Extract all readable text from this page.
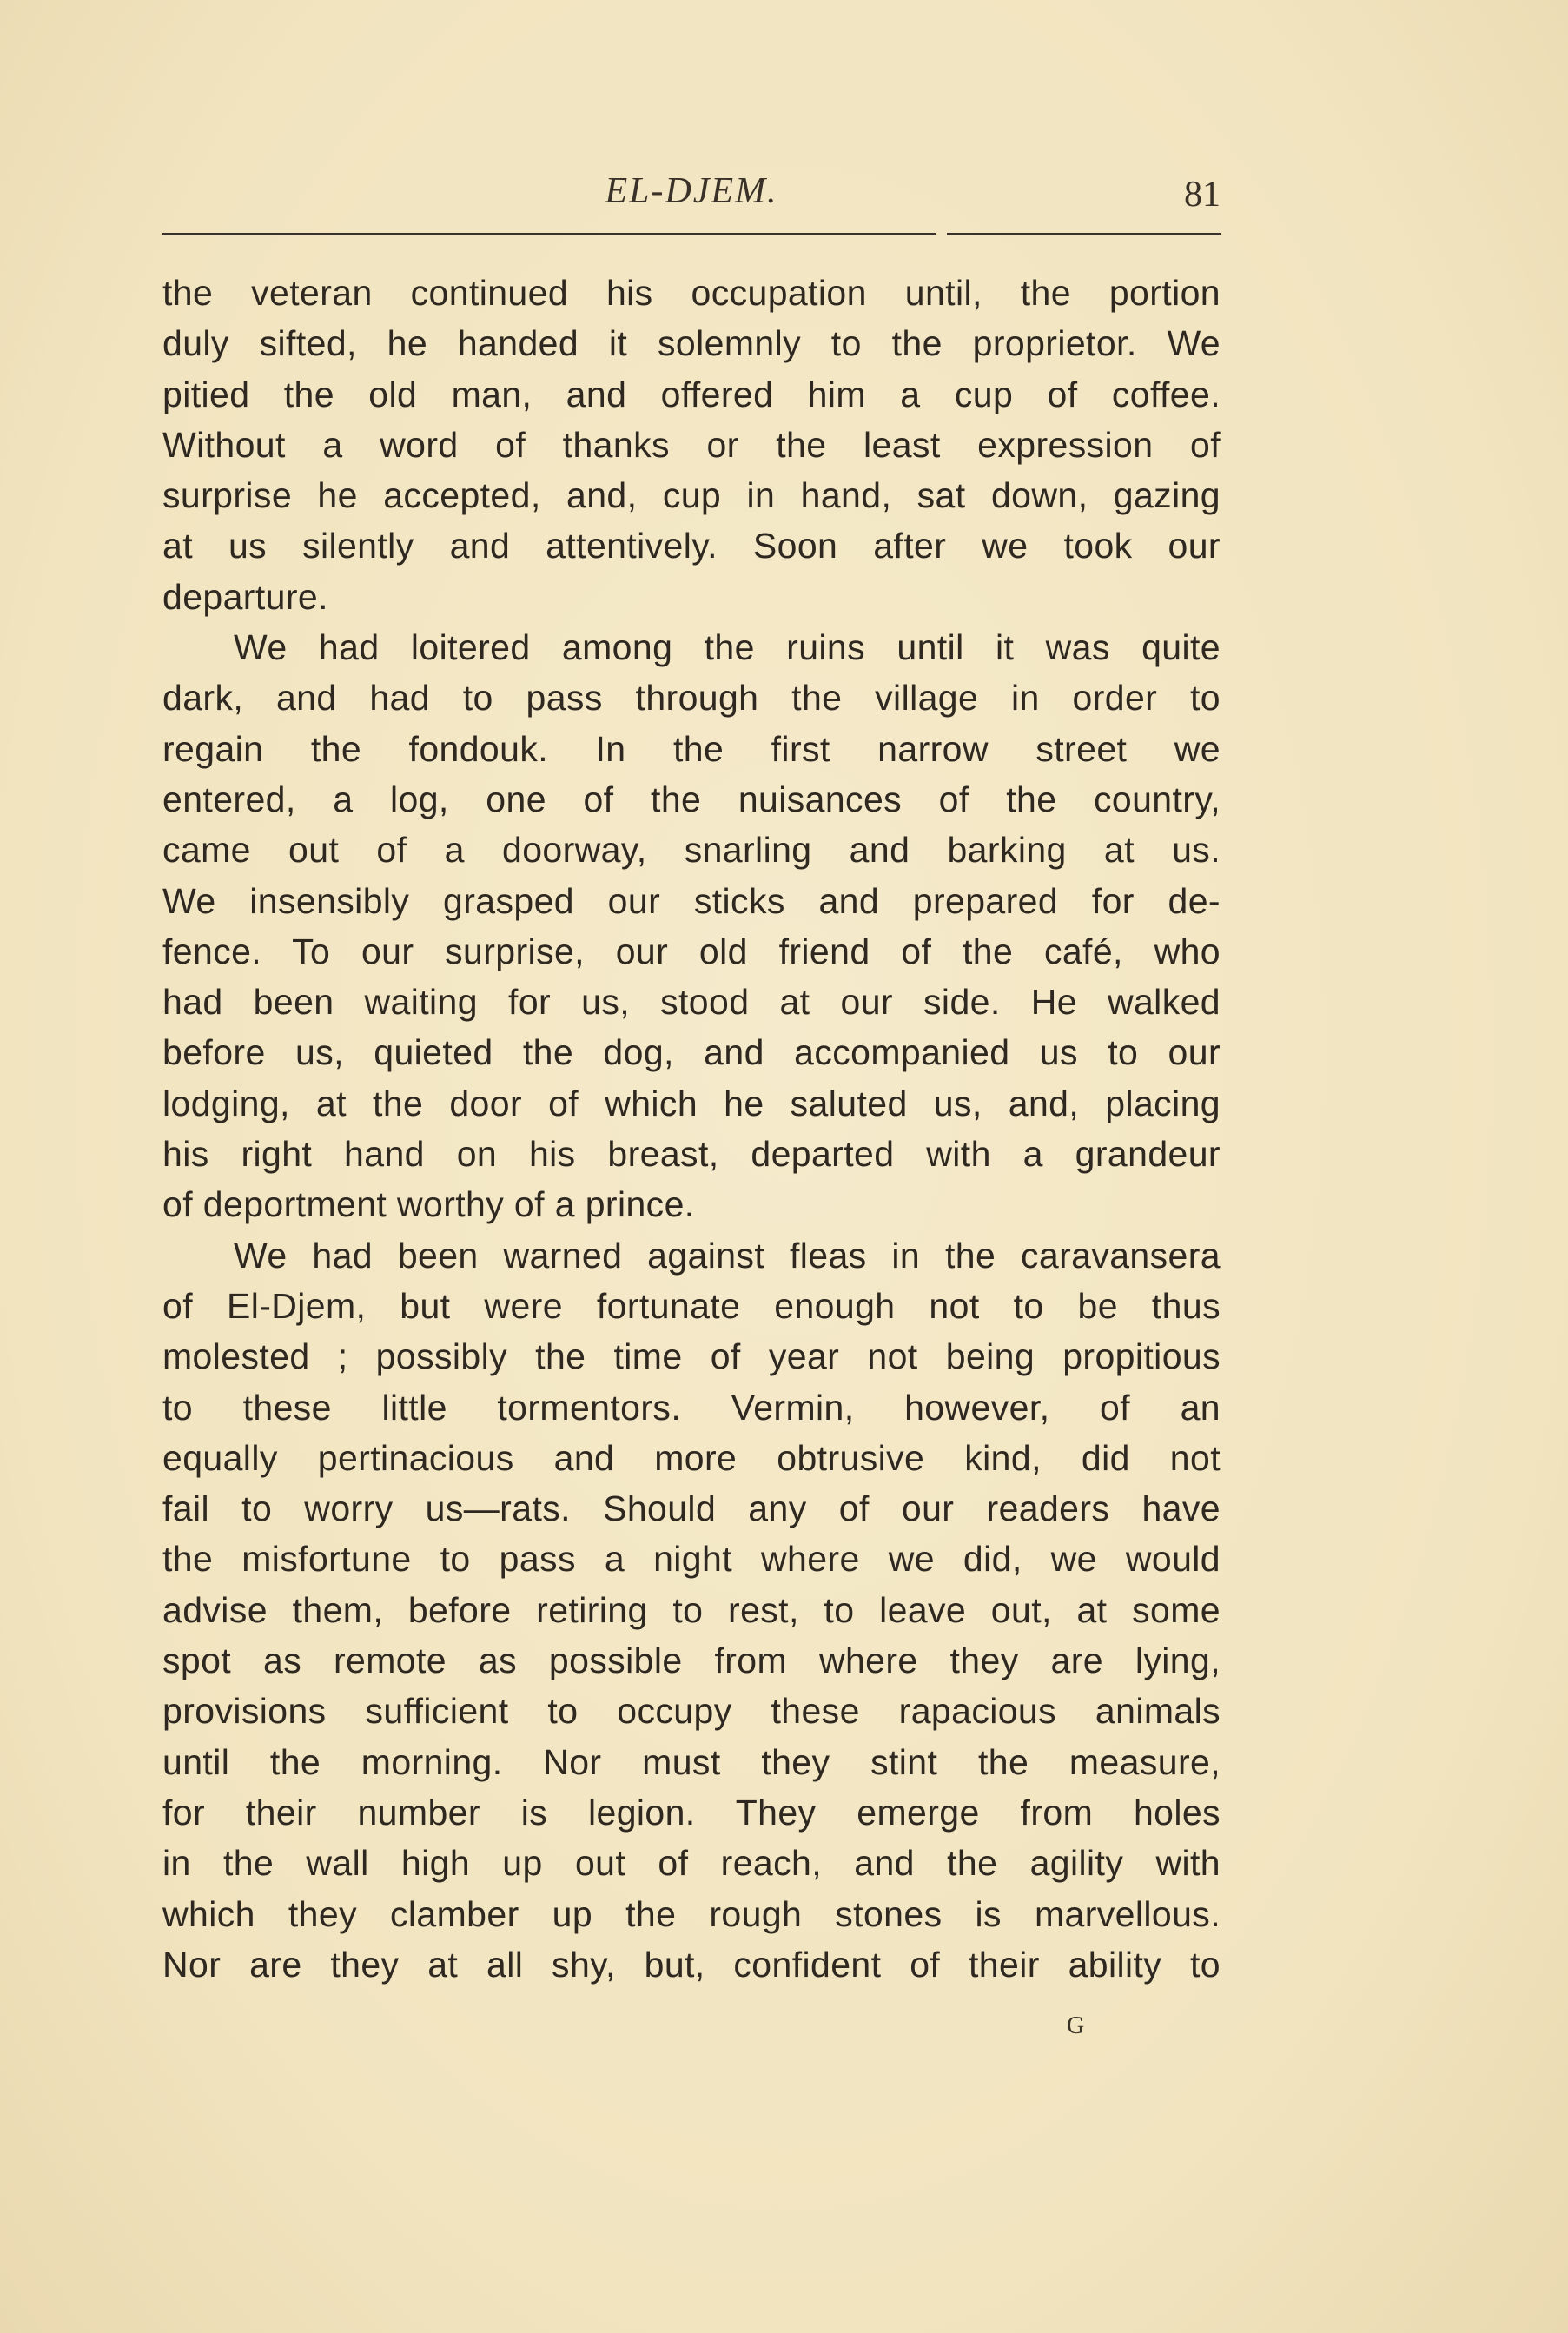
EL-DJEM.	81
the veteran continued his occupation until, the portion
duly sifted, he handed it solemnly to the proprietor. We
pitied the old man, and offered him a cup of coffee.
Without a word of thanks or the least expression of
surprise he accepted, and, cup in hand, sat down, gazing
at us silently and attentively. Soon after we took our
departure.
We had loitered among the ruins until it was quite
dark, and had to pass through the village in order to
regain the fondouk. In the first narrow street we
entered, a log, one of the nuisances of the country,
came out of a doorway, snarling and barking at us.
We insensibly grasped our sticks and prepared for de-
fence. To our surprise, our old friend of the café, who
had been waiting for us, stood at our side. He walked
before us, quieted the dog, and accompanied us to our
lodging, at the door of which he saluted us, and, placing
his right hand on his breast, departed with a grandeur
of deportment worthy of a prince.
We had been warned against fleas in the caravansera
of El-Djem, but were fortunate enough not to be thus
molested ; possibly the time of year not being propitious
to these little tormentors. Vermin, however, of an
equally pertinacious and more obtrusive kind, did not
fail to worry us—rats. Should any of our readers have
the misfortune to pass a night where we did, we would
advise them, before retiring to rest, to leave out, at some
spot as remote as possible from where they are lying,
provisions sufficient to occupy these rapacious animals
until the morning. Nor must they stint the measure,
for their number is legion. They emerge from holes
in the wall high up out of reach, and the agility with
which they clamber up the rough stones is marvellous.
Nor are they at all shy, but, confident of their ability to
G
